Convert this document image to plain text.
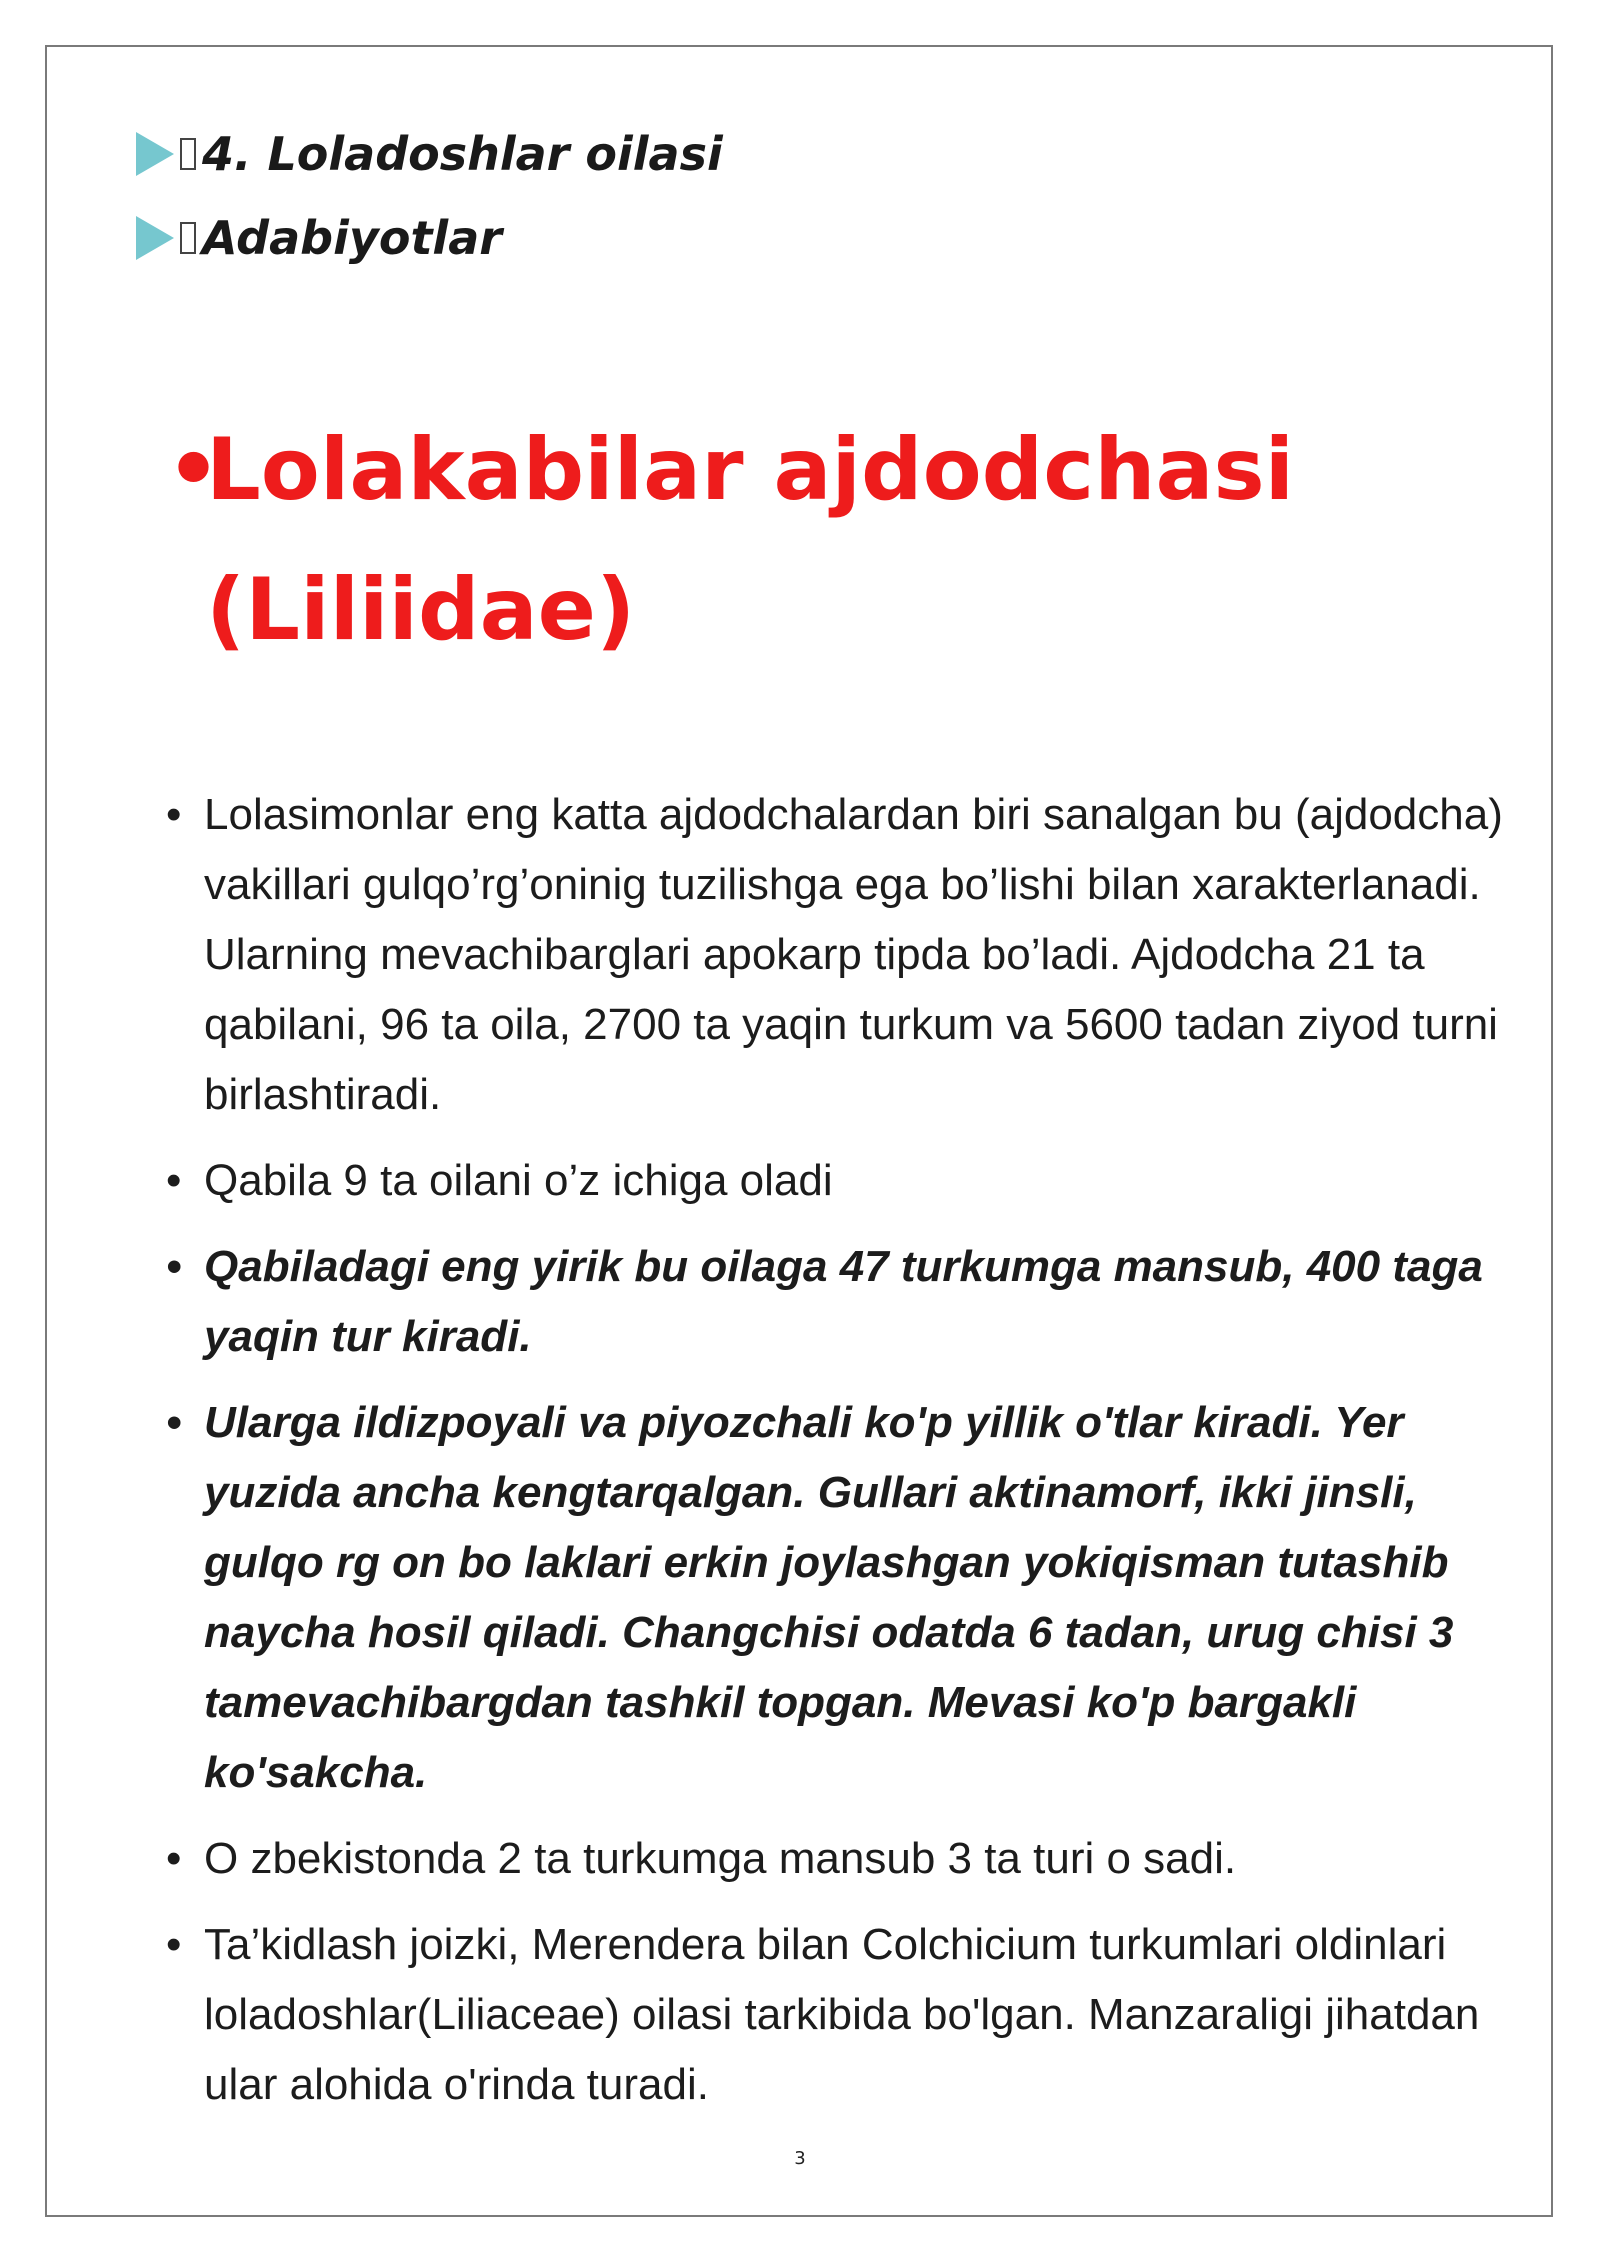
4. Loladoshlar oilasi
Adabiyotlar
•Lolakabilar ajdodchasi
(Liliidae)
• Lolasimonlar eng katta ajdodchalardan biri sanalgan bu (ajdodcha) vakillari gulqo’rg’oninig tuzilishga ega bo’lishi bilan xarakterlanadi. Ularning mevachibarglari apokarp tipda bo’ladi. Ajdodcha 21 ta qabilani, 96 ta oila, 2700 ta yaqin turkum va 5600 tadan ziyod turni birlashtiradi.
• Qabila 9 ta oilani o’z ichiga oladi
• Qabiladagi eng yirik bu oilaga 47 turkumga mansub, 400 taga yaqin tur kiradi.
• Ularga ildizpoyali va piyozchali ko'p yillik o'tlar kiradi. Yer yuzida ancha kengtarqalgan. Gullari aktinamorf, ikki jinsli, gulqo rg on bo laklari erkin joylashgan yokiqisman tutashib naycha hosil qiladi. Changchisi odatda 6 tadan, urug chisi 3 tamevachibargdan tashkil topgan. Mevasi ko'p bargakli ko'sakcha.
• O zbekistonda 2 ta turkumga mansub 3 ta turi o sadi.
• Ta’kidlash joizki, Merendera bilan Colchicium turkumlari oldinlari loladoshlar(Liliaceae) oilasi tarkibida bo'lgan. Manzaraligi jihatdan ular alohida o'rinda turadi.
3
